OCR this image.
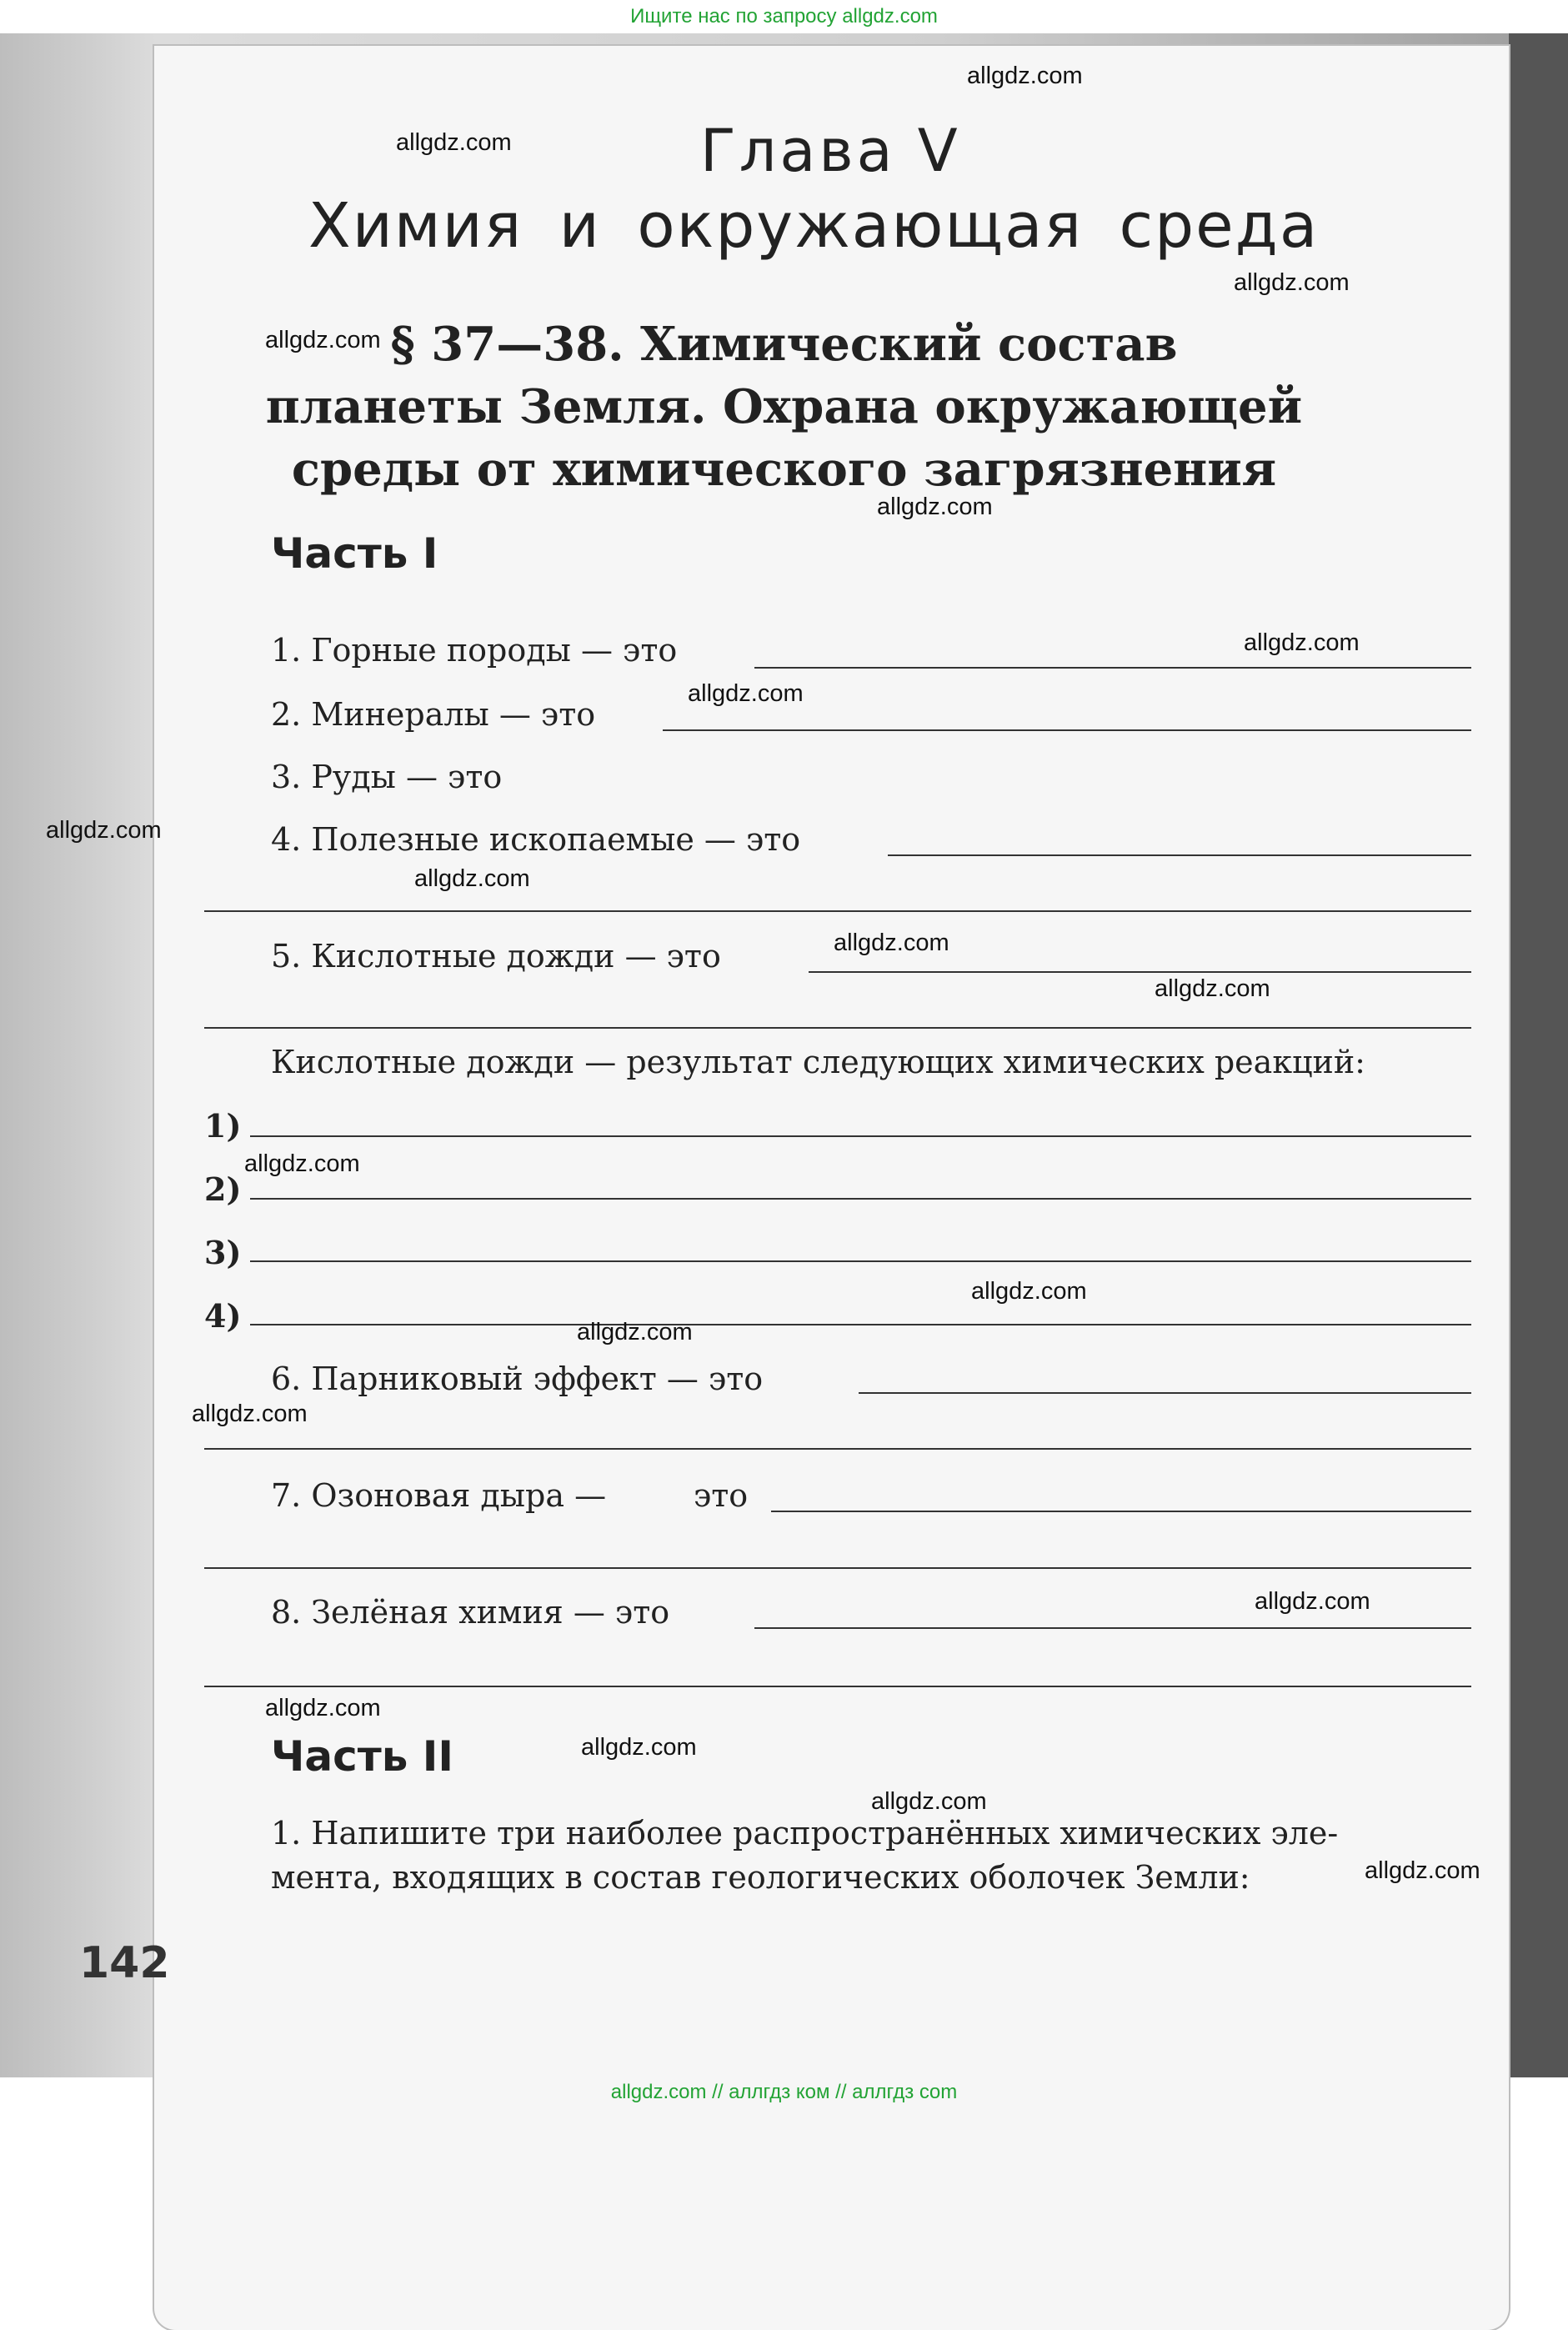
Ищите нас по запросу allgdz.com
Глава V
Химия и окружающая среда
§ 37—38. Химический состав
планеты Земля. Охрана окружающей
среды от химического загрязнения
Часть I
1. Горные породы — это
2. Минералы — это
3. Руды — это
4. Полезные ископаемые — это
5. Кислотные дожди — это
Кислотные дожди — результат следующих химических реакций:
1)
2)
3)
4)
6. Парниковый эффект — это
7. Озоновая дыра —	это
8. Зелёная химия — это
Часть II
1. Напишите три наиболее распространённых химических эле-
мента, входящих в состав геологических оболочек Земли:
142
allgdz.com
allgdz.com
allgdz.com
allgdz.com
allgdz.com
allgdz.com
allgdz.com
allgdz.com
allgdz.com
allgdz.com
allgdz.com
allgdz.com
allgdz.com
allgdz.com
allgdz.com
allgdz.com
allgdz.com
allgdz.com
allgdz.com
allgdz.com
allgdz.com // аллгдз ком // аллгдз com
